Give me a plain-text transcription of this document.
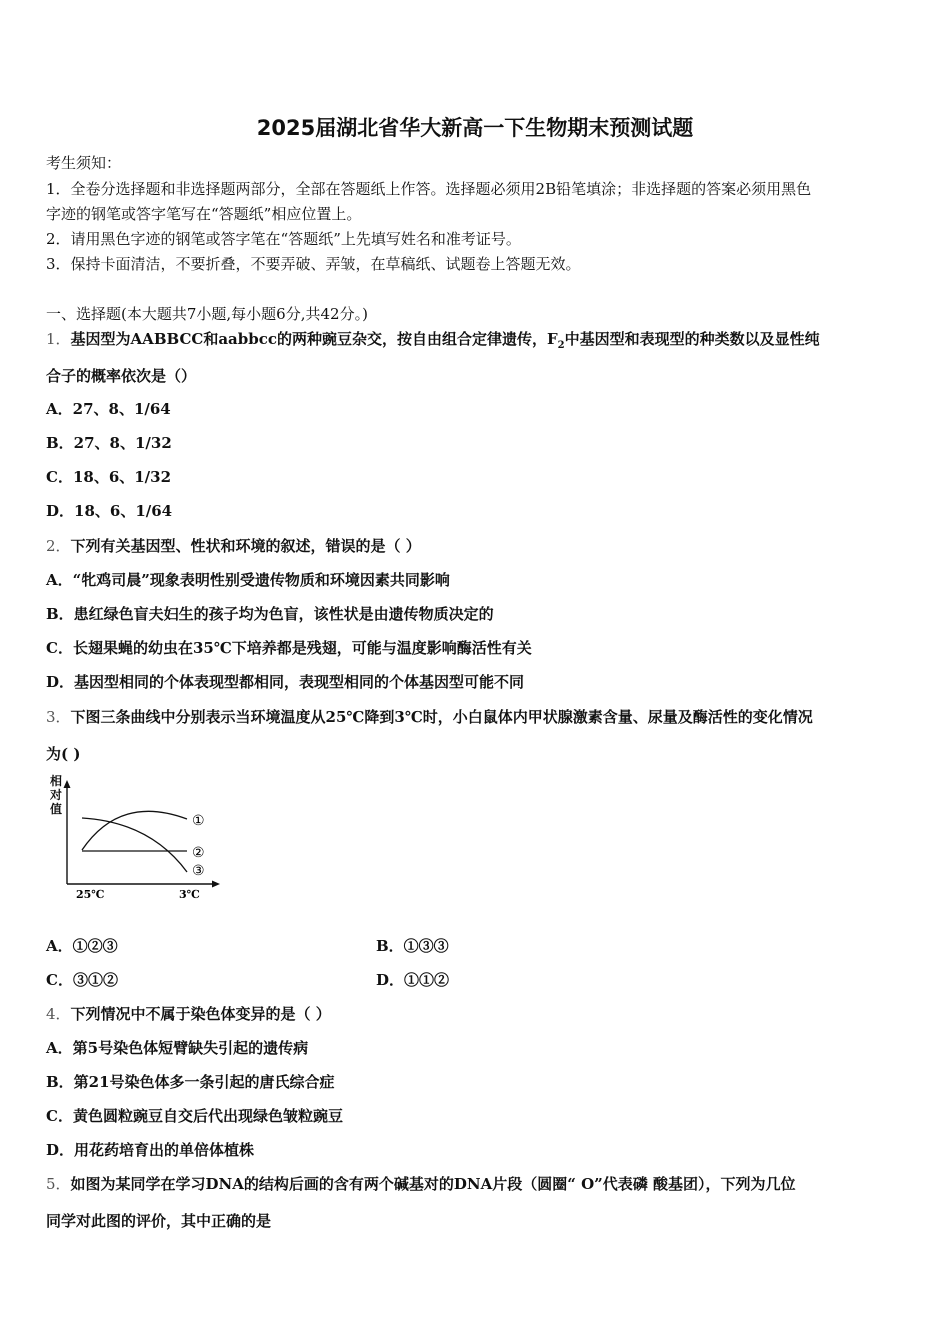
2025届湖北省华大新高一下生物期末预测试题
考生须知：
1．全卷分选择题和非选择题两部分，全部在答题纸上作答。选择题必须用2B铅笔填涂；非选择题的答案必须用黑色
字迹的钢笔或答字笔写在“答题纸”相应位置上。
2．请用黑色字迹的钢笔或答字笔在“答题纸”上先填写姓名和准考证号。
3．保持卡面清洁，不要折叠，不要弄破、弄皱，在草稿纸、试题卷上答题无效。
一、选择题(本大题共7小题,每小题6分,共42分。)
1．基因型为AABBCC和aabbcc的两种豌豆杂交，按自由组合定律遗传，$F_2$中基因型和表现型的种类数以及显性纯
合子的概率依次是（）
A．27、8、1/64
B．27、8、1/32
C．18、6、1/32
D．18、6、1/64
2．下列有关基因型、性状和环境的叙述，错误的是（ ）
A．“牝鸡司晨”现象表明性别受遗传物质和环境因素共同影响
B．患红绿色盲夫妇生的孩子均为色盲，该性状是由遗传物质决定的
C．长翅果蝇的幼虫在35℃下培养都是残翅，可能与温度影响酶活性有关
D．基因型相同的个体表现型都相同，表现型相同的个体基因型可能不同
3．下图三条曲线中分别表示当环境温度从25℃降到3℃时，小白鼠体内甲状腺激素含量、尿量及酶活性的变化情况
为( )
相
对
值
①
②
③
25℃	3℃
A．①②③	B．①③③
C．③①②	D．①①②
4．下列情况中不属于染色体变异的是（ ）
A．第5号染色体短臂缺失引起的遗传病
B．第21号染色体多一条引起的唐氏综合症
C．黄色圆粒豌豆自交后代出现绿色皱粒豌豆
D．用花药培育出的单倍体植株
5．如图为某同学在学习DNA的结构后画的含有两个碱基对的DNA片段（圆圈“ O”代表磷 酸基团），下列为几位
同学对此图的评价，其中正确的是
